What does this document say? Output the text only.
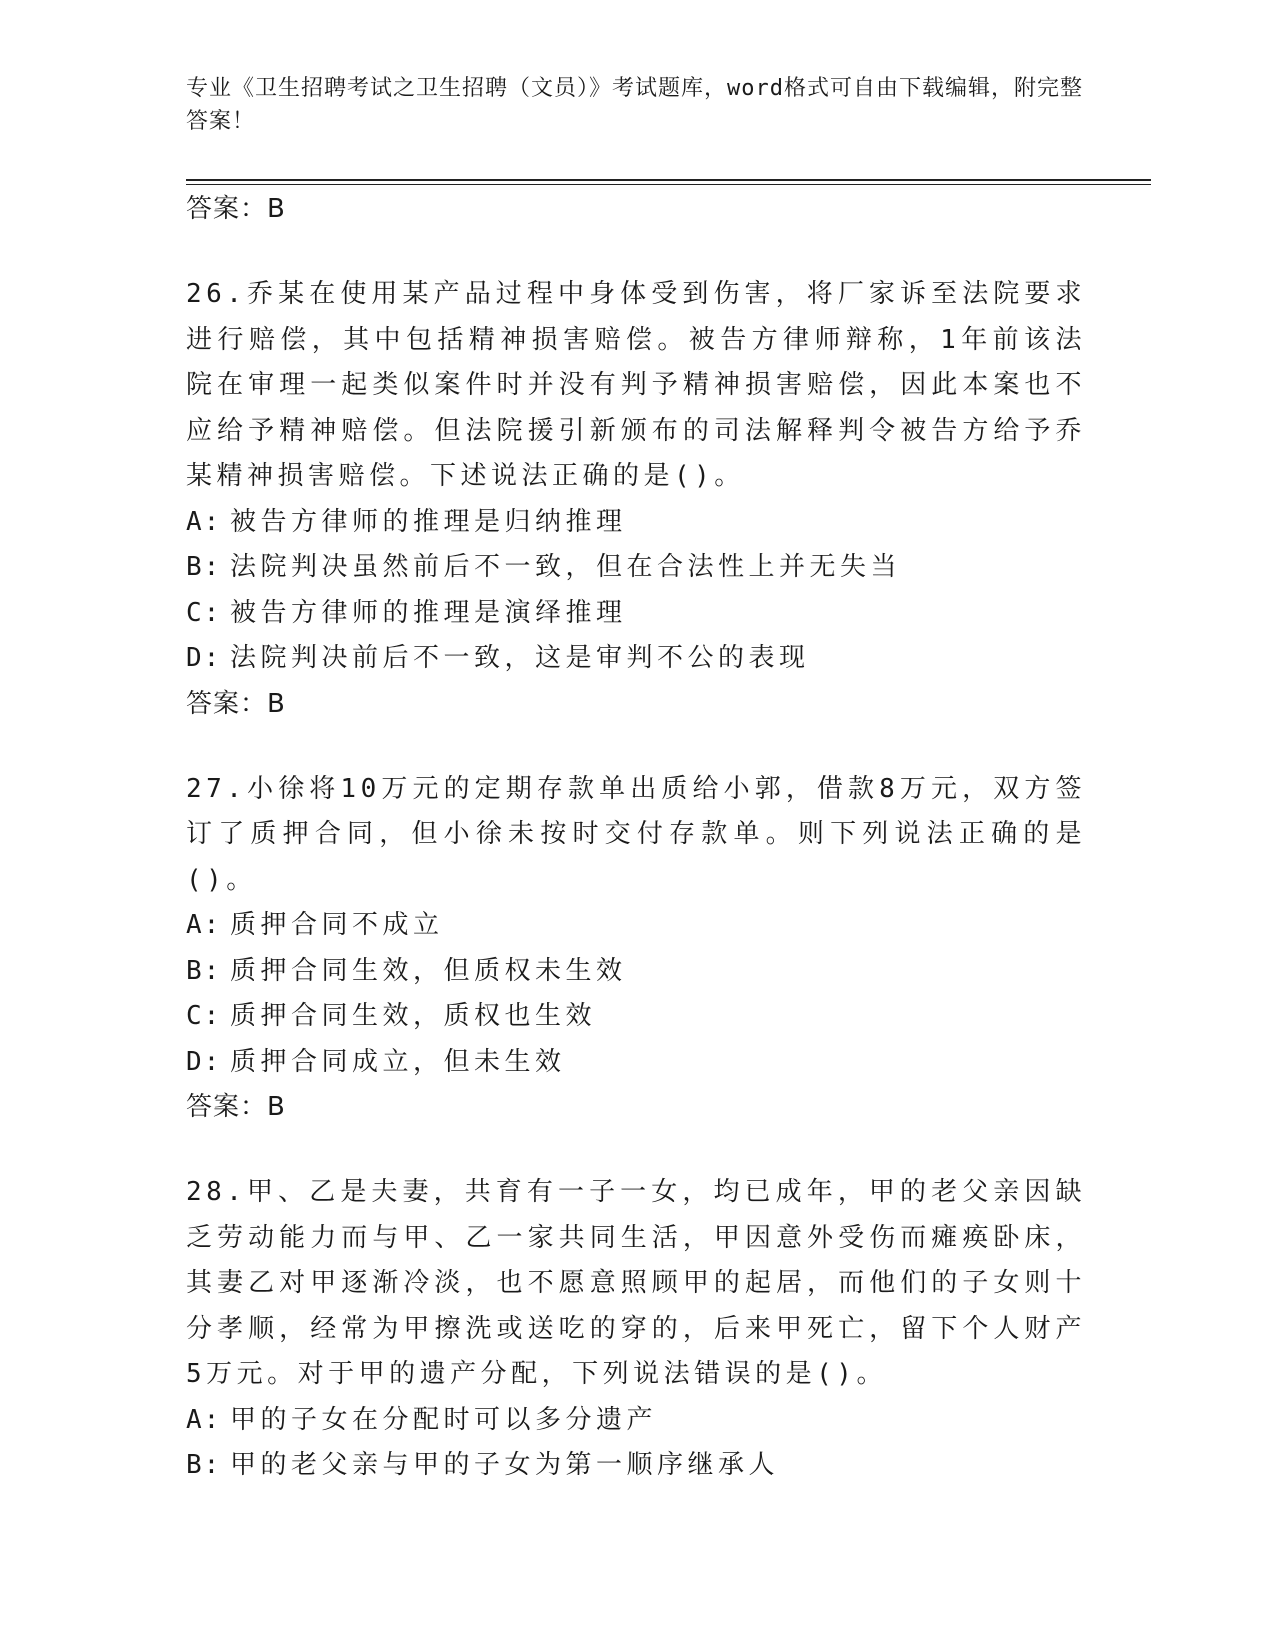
专业《卫生招聘考试之卫生招聘（文员）》考试题库，word格式可自由下载编辑，附完整答案！
答案：B
26.乔某在使用某产品过程中身体受到伤害，将厂家诉至法院要求进行赔偿，其中包括精神损害赔偿。被告方律师辩称，1年前该法院在审理一起类似案件时并没有判予精神损害赔偿，因此本案也不应给予精神赔偿。但法院援引新颁布的司法解释判令被告方给予乔某精神损害赔偿。下述说法正确的是()。
A: 被告方律师的推理是归纳推理
B: 法院判决虽然前后不一致，但在合法性上并无失当
C: 被告方律师的推理是演绎推理
D: 法院判决前后不一致，这是审判不公的表现
答案：B
27.小徐将10万元的定期存款单出质给小郭，借款8万元，双方签订了质押合同，但小徐未按时交付存款单。则下列说法正确的是()。
A: 质押合同不成立
B: 质押合同生效，但质权未生效
C: 质押合同生效，质权也生效
D: 质押合同成立，但未生效
答案：B
28.甲、乙是夫妻，共育有一子一女，均已成年，甲的老父亲因缺乏劳动能力而与甲、乙一家共同生活，甲因意外受伤而瘫痪卧床，其妻乙对甲逐渐冷淡，也不愿意照顾甲的起居，而他们的子女则十分孝顺，经常为甲擦洗或送吃的穿的，后来甲死亡，留下个人财产5万元。对于甲的遗产分配，下列说法错误的是()。
A: 甲的子女在分配时可以多分遗产
B: 甲的老父亲与甲的子女为第一顺序继承人
